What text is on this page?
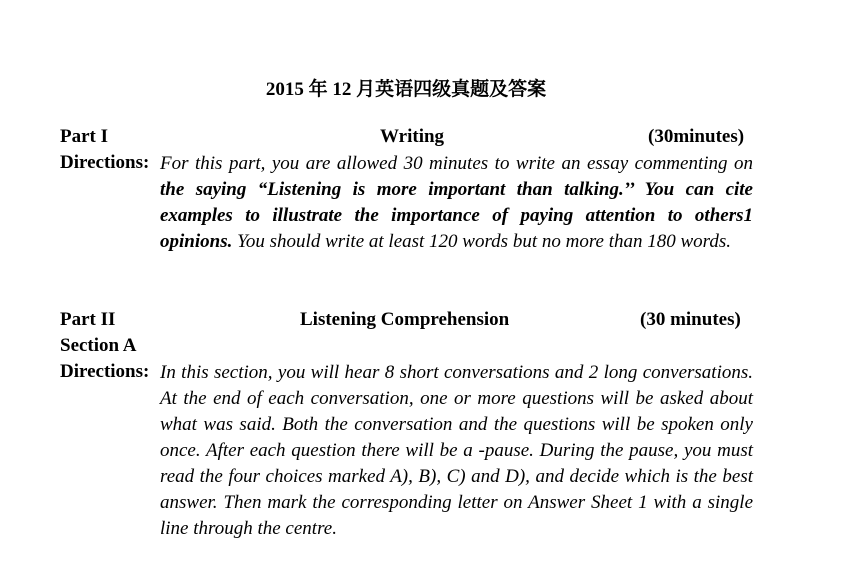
2015 年 12 月英语四级真题及答案
Part I	Writing	(30minutes)
Directions: For this part, you are allowed 30 minutes to write an essay commenting on the saying “Listening is more important than talking.’’ You can cite examples to illustrate the importance of paying attention to others1 opinions. You should write at least 120 words but no more than 180 words.

Part II	Listening Comprehension	(30 minutes)
Section A
Directions: In this section, you will hear 8 short conversations and 2 long conversations. At the end of each conversation, one or more questions will be asked about what was said. Both the conversation and the questions will be spoken only once. After each question there will be a -pause. During the pause, you must read the four choices marked A), B), C) and D), and decide which is the best answer. Then mark the corresponding letter on Answer Sheet 1 with a single line through the centre.
